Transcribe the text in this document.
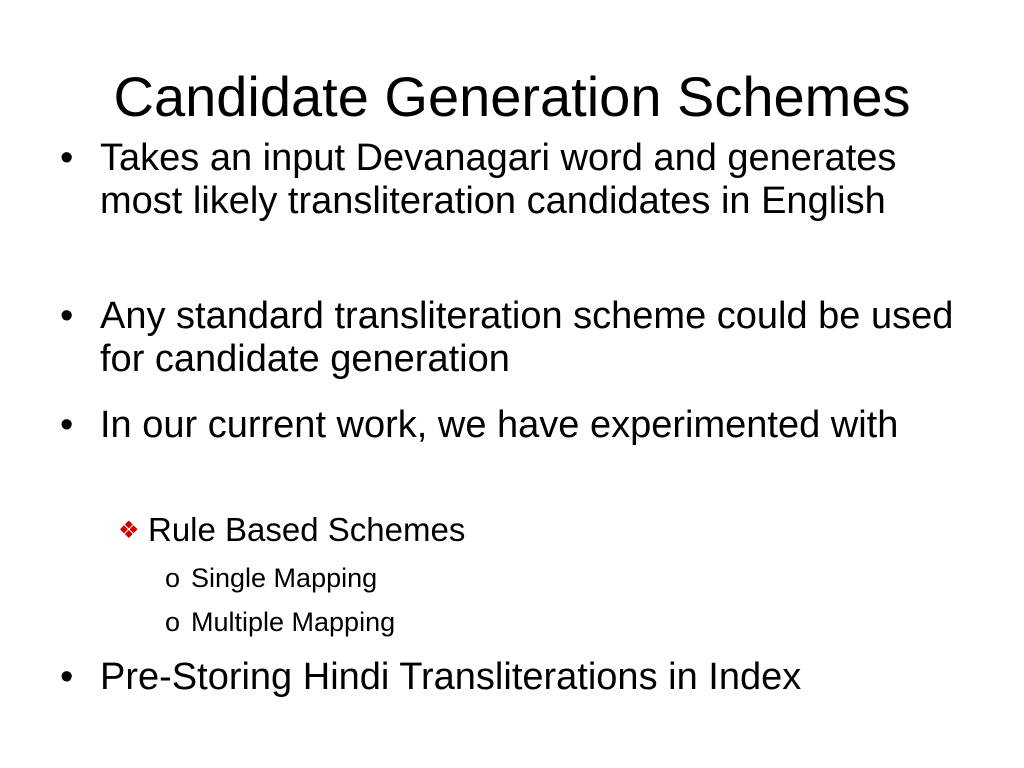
Candidate Generation Schemes
• Takes an input Devanagari word and generates most likely transliteration candidates in English
• Any standard transliteration scheme could be used for candidate generation
• In our current work, we have experimented with
❖ Rule Based Schemes
o Single Mapping
o Multiple Mapping
• Pre-Storing Hindi Transliterations in Index
